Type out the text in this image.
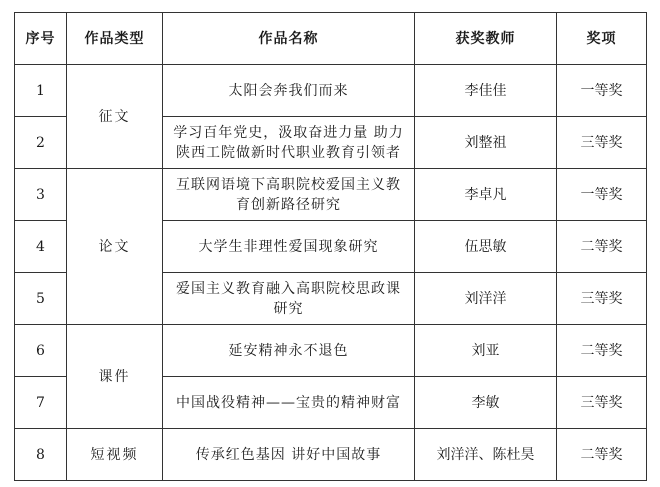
序号	作品类型	作品名称	获奖教师	奖项
1	征文	太阳会奔我们而来	李佳佳	一等奖
2		学习百年党史，汲取奋进力量 助力陕西工院做新时代职业教育引领者	刘整祖	三等奖
3	论文	互联网语境下高职院校爱国主义教育创新路径研究	李卓凡	一等奖
4		大学生非理性爱国现象研究	伍思敏	二等奖
5		爱国主义教育融入高职院校思政课研究	刘洋洋	三等奖
6	课件	延安精神永不退色	刘亚	二等奖
7		中国战役精神——宝贵的精神财富	李敏	三等奖
8	短视频	传承红色基因 讲好中国故事	刘洋洋、陈杜昊	二等奖
